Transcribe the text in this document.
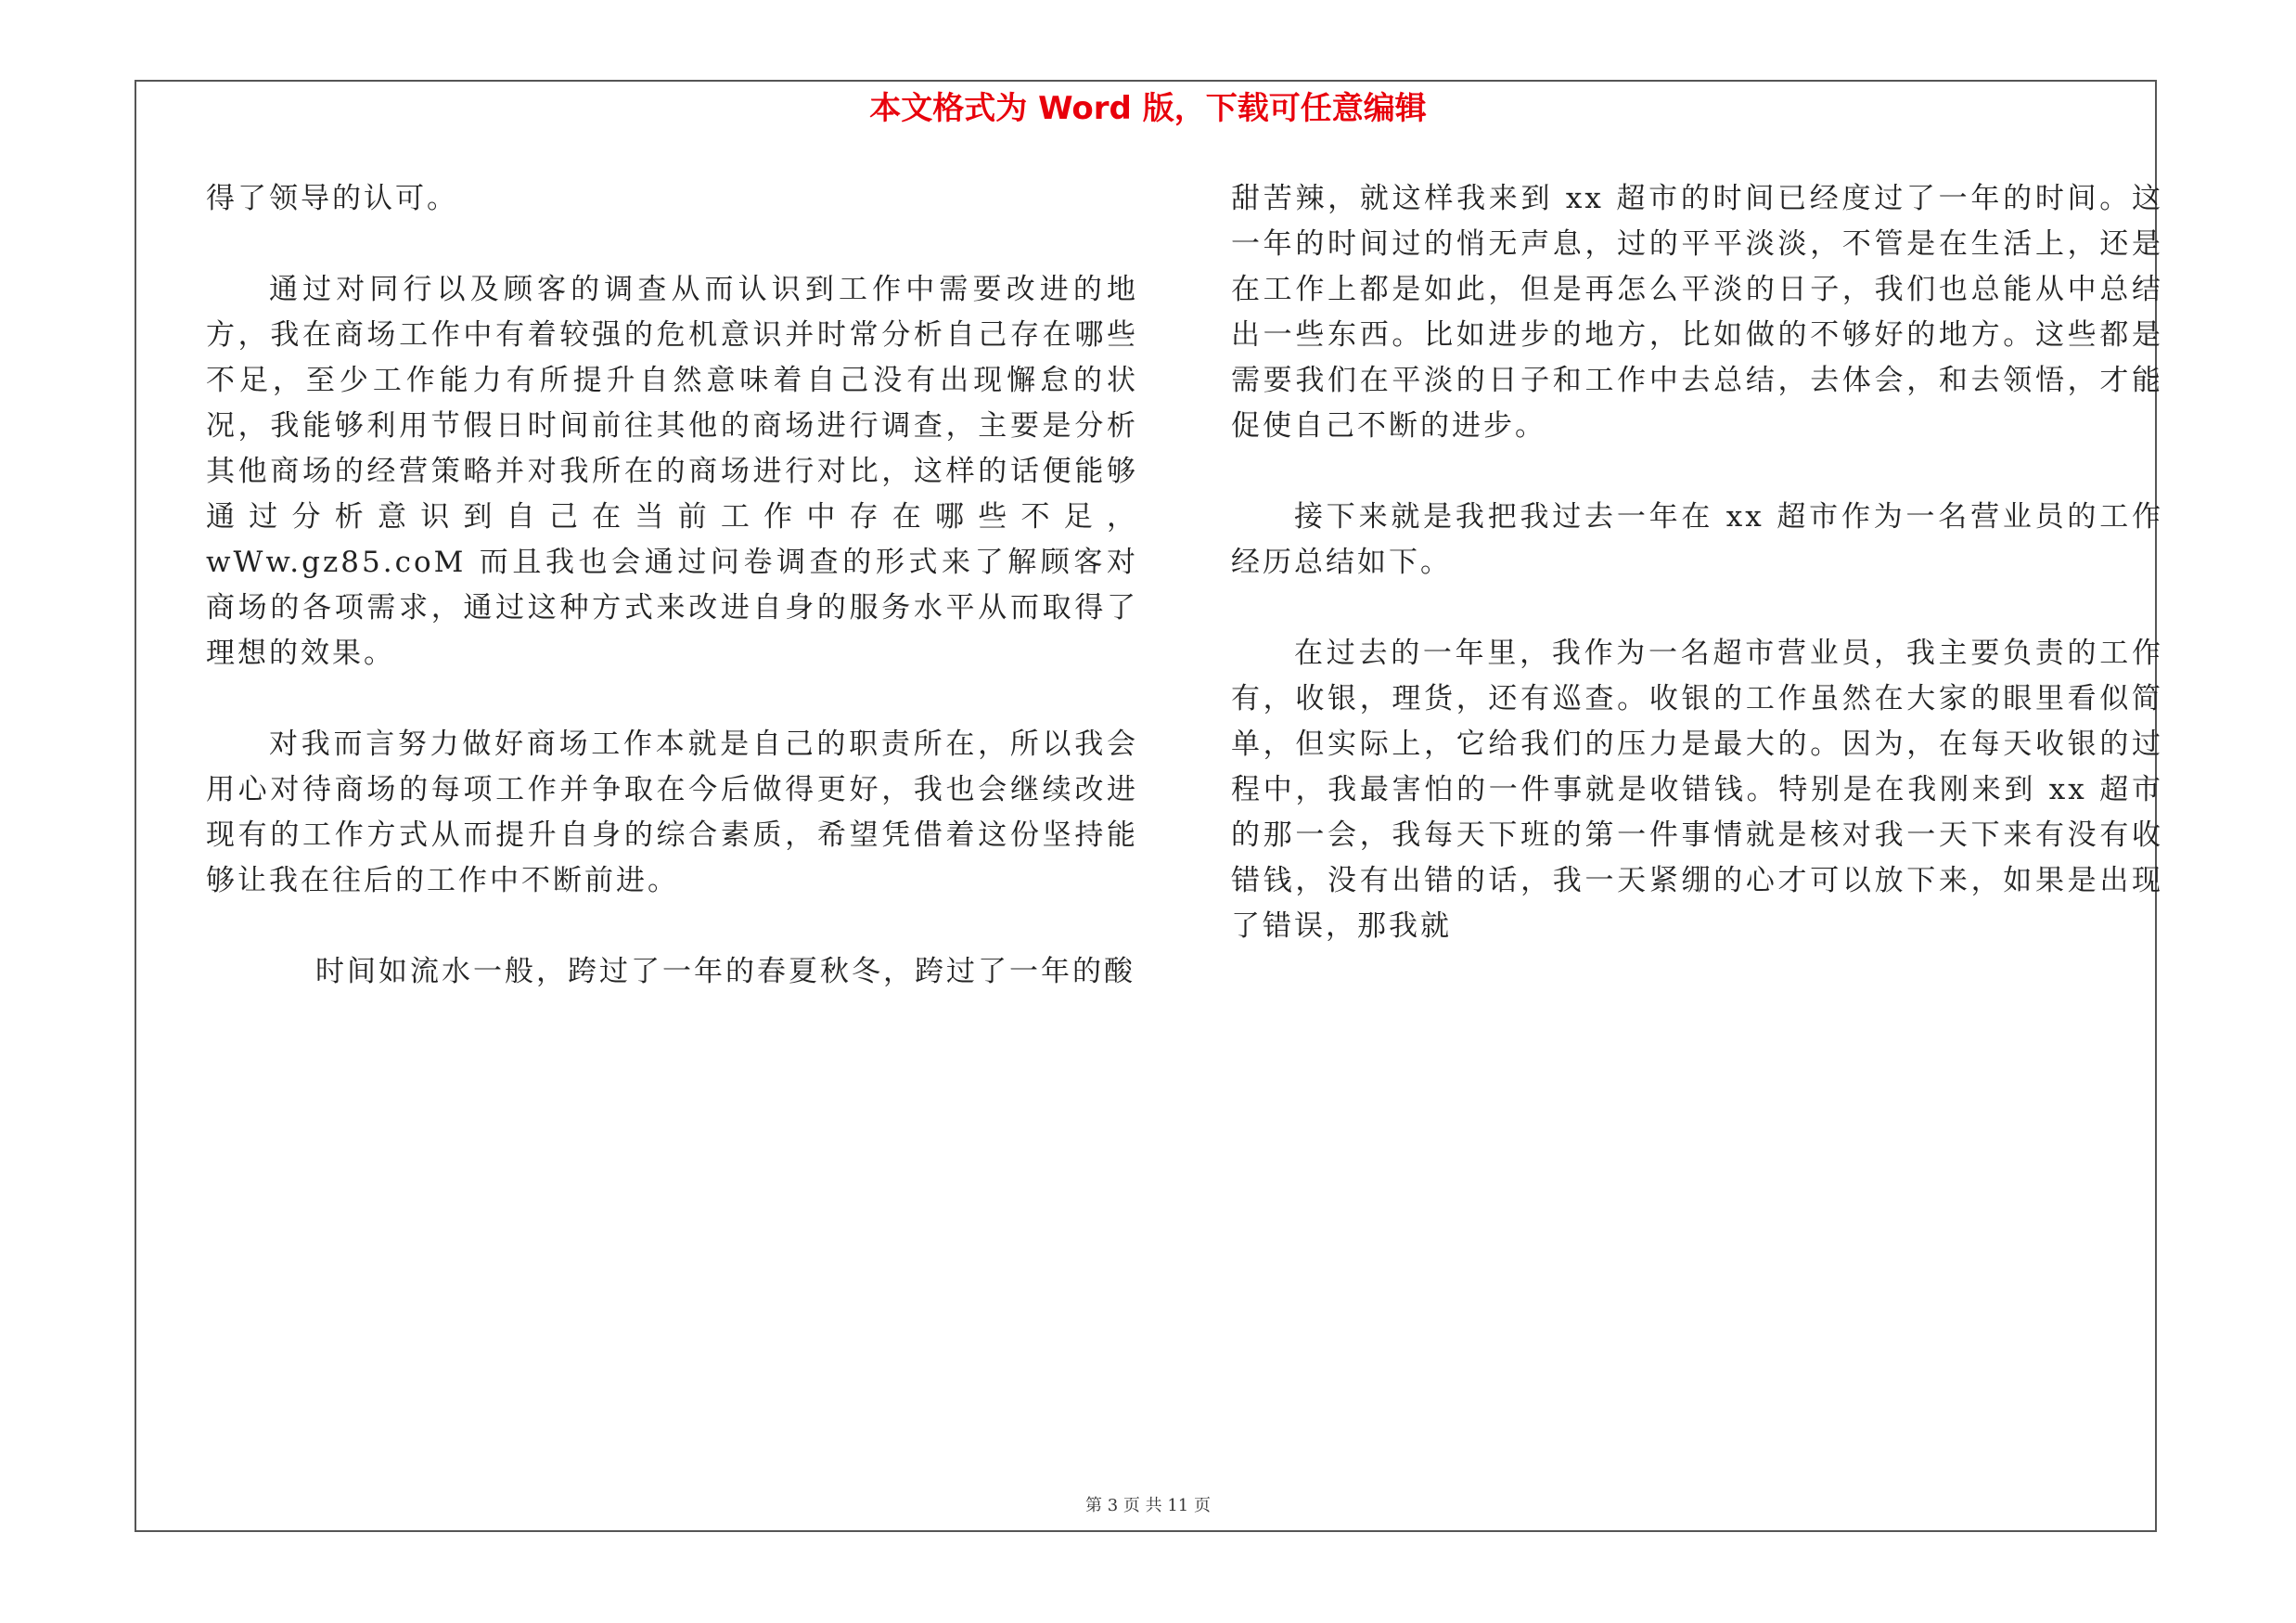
本文格式为 Word 版，下载可任意编辑

得了领导的认可。

通过对同行以及顾客的调查从而认识到工作中需要改进的地方，我在商场工作中有着较强的危机意识并时常分析自己存在哪些不足，至少工作能力有所提升自然意味着自己没有出现懈怠的状况，我能够利用节假日时间前往其他的商场进行调查，主要是分析其他商场的经营策略并对我所在的商场进行对比，这样的话便能够通过分析意识到自己在当前工作中存在哪些不足，wWw.gz85.coM 而且我也会通过问卷调查的形式来了解顾客对商场的各项需求，通过这种方式来改进自身的服务水平从而取得了理想的效果。

对我而言努力做好商场工作本就是自己的职责所在，所以我会用心对待商场的每项工作并争取在今后做得更好，我也会继续改进现有的工作方式从而提升自身的综合素质，希望凭借着这份坚持能够让我在往后的工作中不断前进。

时间如流水一般，跨过了一年的春夏秋冬，跨过了一年的酸

甜苦辣，就这样我来到 xx 超市的时间已经度过了一年的时间。这一年的时间过的悄无声息，过的平平淡淡，不管是在生活上，还是在工作上都是如此，但是再怎么平淡的日子，我们也总能从中总结出一些东西。比如进步的地方，比如做的不够好的地方。这些都是需要我们在平淡的日子和工作中去总结，去体会，和去领悟，才能促使自己不断的进步。

接下来就是我把我过去一年在 xx 超市作为一名营业员的工作经历总结如下。

在过去的一年里，我作为一名超市营业员，我主要负责的工作有，收银，理货，还有巡查。收银的工作虽然在大家的眼里看似简单，但实际上，它给我们的压力是最大的。因为，在每天收银的过程中，我最害怕的一件事就是收错钱。特别是在我刚来到 xx 超市的那一会，我每天下班的第一件事情就是核对我一天下来有没有收错钱，没有出错的话，我一天紧绷的心才可以放下来，如果是出现了错误，那我就

第 3 页 共 11 页
